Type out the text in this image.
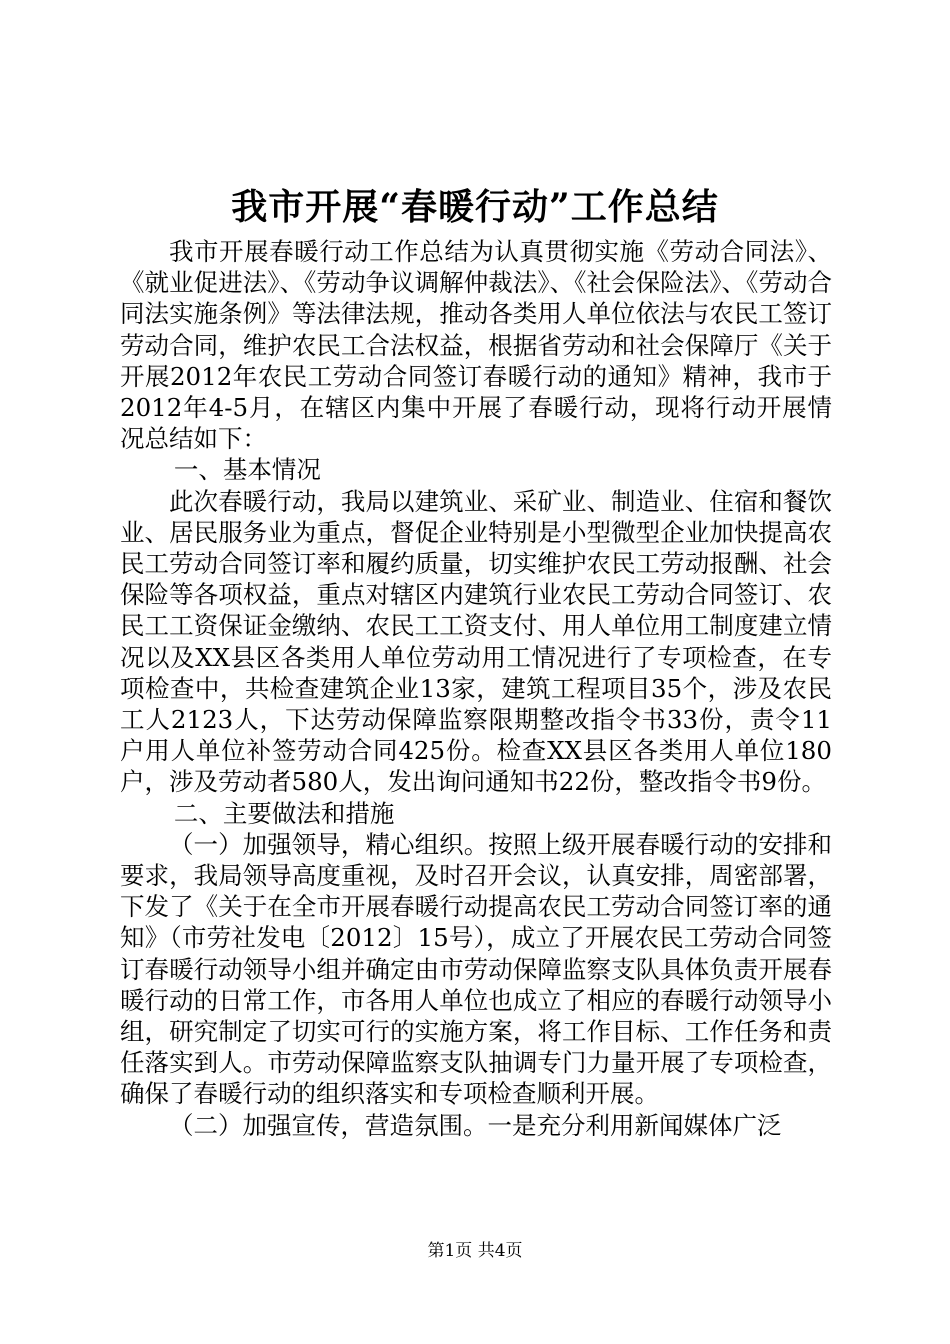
我市开展“春暖行动”工作总结

我市开展春暖行动工作总结为认真贯彻实施《劳动合同法》、《就业促进法》、《劳动争议调解仲裁法》、《社会保险法》、《劳动合同法实施条例》等法律法规，推动各类用人单位依法与农民工签订劳动合同，维护农民工合法权益，根据省劳动和社会保障厅《关于开展2012年农民工劳动合同签订春暖行动的通知》精神，我市于2012年4-5月，在辖区内集中开展了春暖行动，现将行动开展情况总结如下：

一、基本情况

此次春暖行动，我局以建筑业、采矿业、制造业、住宿和餐饮业、居民服务业为重点，督促企业特别是小型微型企业加快提高农民工劳动合同签订率和履约质量，切实维护农民工劳动报酬、社会保险等各项权益，重点对辖区内建筑行业农民工劳动合同签订、农民工工资保证金缴纳、农民工工资支付、用人单位用工制度建立情况以及XX县区各类用人单位劳动用工情况进行了专项检查，在专项检查中，共检查建筑企业13家，建筑工程项目35个，涉及农民工人2123人，下达劳动保障监察限期整改指令书33份，责令11户用人单位补签劳动合同425份。检查XX县区各类用人单位180户，涉及劳动者580人，发出询问通知书22份，整改指令书9份。

二、主要做法和措施

（一）加强领导，精心组织。按照上级开展春暖行动的安排和要求，我局领导高度重视，及时召开会议，认真安排，周密部署，下发了《关于在全市开展春暖行动提高农民工劳动合同签订率的通知》（市劳社发电〔2012〕15号），成立了开展农民工劳动合同签订春暖行动领导小组并确定由市劳动保障监察支队具体负责开展春暖行动的日常工作，市各用人单位也成立了相应的春暖行动领导小组，研究制定了切实可行的实施方案，将工作目标、工作任务和责任落实到人。市劳动保障监察支队抽调专门力量开展了专项检查，确保了春暖行动的组织落实和专项检查顺利开展。

（二）加强宣传，营造氛围。一是充分利用新闻媒体广泛

第1页 共4页
